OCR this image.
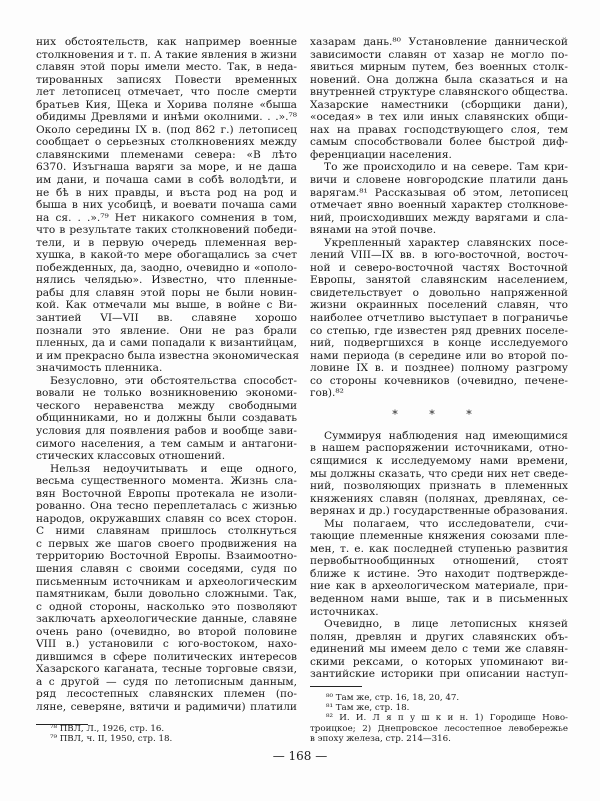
них обстоятельств, как например военные
столкновения и т. п. А такие явления в жизни
славян этой поры имели место. Так, в неда-
тированных записях Повести временных
лет летописец отмечает, что после смерти
братьев Кия, Щека и Хорива поляне «быша
обидимы Древлями и инѣми околними. . .».⁷⁸
Около середины IX в. (под 862 г.) летописец
сообщает о серьезных столкновениях между
славянскими племенами севера: «В лѣто
6370. Изъгнаша варяги за море, и не даша
им дани, и почаша сами в собѣ володѣти, и
не бѣ в них правды, и въста род на род и
быша в них усобицѣ, и воевати почаша сами
на ся. . .».⁷⁹ Нет никакого сомнения в том,
что в результате таких столкновений победи-
тели, и в первую очередь племенная вер-
хушка, в какой-то мере обогащались за счет
побежденных, да, заодно, очевидно и «ополо-
нялись челядью». Известно, что пленные-
рабы для славян этой поры не были новин-
кой. Как отмечали мы выше, в войне с Ви-
зантией VI—VII вв. славяне хорошо
познали это явление. Они не раз брали
пленных, да и сами попадали к византийцам,
и им прекрасно была известна экономическая
значимость пленника.
Безусловно, эти обстоятельства способст-
вовали не только возникновению экономи-
ческого неравенства между свободными
общинниками, но и должны были создавать
условия для появления рабов и вообще зави-
симого населения, а тем самым и антагони-
стических классовых отношений.
Нельзя недоучитывать и еще одного,
весьма существенного момента. Жизнь сла-
вян Восточной Европы протекала не изоли-
рованно. Она тесно переплеталась с жизнью
народов, окружавших славян со всех сторон.
С ними славянам пришлось столкнуться
с первых же шагов своего продвижения на
территорию Восточной Европы. Взаимоотно-
шения славян с своими соседями, судя по
письменным источникам и археологическим
памятникам, были довольно сложными. Так,
с одной стороны, насколько это позволяют
заключать археологические данные, славяне
очень рано (очевидно, во второй половине
VIII в.) установили с юго-востоком, нахо-
дившимся в сфере политических интересов
Хазарского каганата, тесные торговые связи,
а с другой — судя по летописным данным,
ряд лесостепных славянских племен (по-
ляне, северяне, вятичи и радимичи) платили
⁷⁸ ПВЛ, Л., 1926, стр. 16.
⁷⁹ ПВЛ, ч. II, 1950, стр. 18.
хазарам дань.⁸⁰ Установление даннической
зависимости славян от хазар не могло по-
явиться мирным путем, без военных столк-
новений. Она должна была сказаться и на
внутренней структуре славянского общества.
Хазарские наместники (сборщики дани),
«оседая» в тех или иных славянских общи-
нах на правах господствующего слоя, тем
самым способствовали более быстрой диф-
ференциации населения.
То же происходило и на севере. Там кри-
вичи и словене новгородские платили дань
варягам.⁸¹ Рассказывая об этом, летописец
отмечает явно военный характер столкнове-
ний, происходивших между варягами и сла-
вянами на этой почве.
Укрепленный характер славянских посе-
лений VIII—IX вв. в юго-восточной, восточ-
ной и северо-восточной частях Восточной
Европы, занятой славянским населением,
свидетельствует о довольно напряженной
жизни окраинных поселений славян, что
наиболее отчетливо выступает в пограничье
со степью, где известен ряд древних поселе-
ний, подвергшихся в конце исследуемого
нами периода (в середине или во второй по-
ловине IX в. и позднее) полному разгрому
со стороны кочевников (очевидно, печене-
гов).⁸²
* * *
Суммируя наблюдения над имеющимися
в нашем распоряжении источниками, отно-
сящимися к исследуемому нами времени,
мы должны сказать, что среди них нет сведе-
ний, позволяющих признать в племенных
княжениях славян (полянах, древлянах, се-
верянах и др.) государственные образования.
Мы полагаем, что исследователи, счи-
тающие племенные княжения союзами пле-
мен, т. е. как последней ступенью развития
первобытнообщинных отношений, стоят
ближе к истине. Это находит подтвержде-
ние как в археологическом материале, при-
веденном нами выше, так и в письменных
источниках.
Очевидно, в лице летописных князей
полян, древлян и других славянских объ-
единений мы имеем дело с теми же славян-
скими рексами, о которых упоминают ви-
зантийские историки при описании наступ-
⁸⁰ Там же, стр. 16, 18, 20, 47.
⁸¹ Там же, стр. 18.
⁸² И. И. Л я п у ш к и н. 1) Городище Ново-
троицкое; 2) Днепровское лесостепное левобережье
в эпоху железа, стр. 214—316.
— 168 —
